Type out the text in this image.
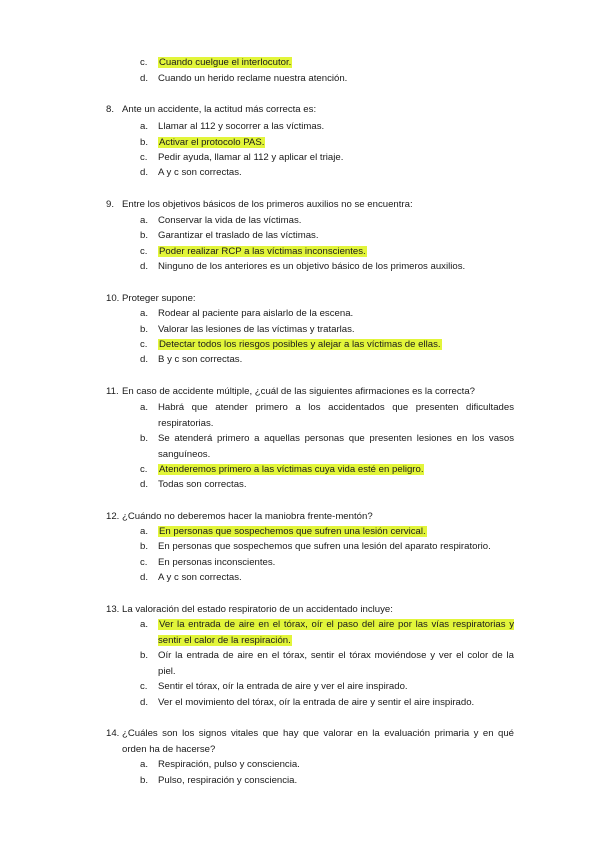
c. Cuando cuelgue el interlocutor.
d. Cuando un herido reclame nuestra atención.
8. Ante un accidente, la actitud más correcta es:
a. Llamar al 112 y socorrer a las víctimas.
b. Activar el protocolo PAS.
c. Pedir ayuda, llamar al 112 y aplicar el triaje.
d. A y c son correctas.
9. Entre los objetivos básicos de los primeros auxilios no se encuentra:
a. Conservar la vida de las víctimas.
b. Garantizar el traslado de las víctimas.
c. Poder realizar RCP a las víctimas inconscientes.
d. Ninguno de los anteriores es un objetivo básico de los primeros auxilios.
10. Proteger supone:
a. Rodear al paciente para aislarlo de la escena.
b. Valorar las lesiones de las víctimas y tratarlas.
c. Detectar todos los riesgos posibles y alejar a las víctimas de ellas.
d. B y c son correctas.
11. En caso de accidente múltiple, ¿cuál de las siguientes afirmaciones es la correcta?
a. Habrá que atender primero a los accidentados que presenten dificultades respiratorias.
b. Se atenderá primero a aquellas personas que presenten lesiones en los vasos sanguíneos.
c. Atenderemos primero a las víctimas cuya vida esté en peligro.
d. Todas son correctas.
12. ¿Cuándo no deberemos hacer la maniobra frente-mentón?
a. En personas que sospechemos que sufren una lesión cervical.
b. En personas que sospechemos que sufren una lesión del aparato respiratorio.
c. En personas inconscientes.
d. A y c son correctas.
13. La valoración del estado respiratorio de un accidentado incluye:
a. Ver la entrada de aire en el tórax, oír el paso del aire por las vías respiratorias y sentir el calor de la respiración.
b. Oír la entrada de aire en el tórax, sentir el tórax moviéndose y ver el color de la piel.
c. Sentir el tórax, oír la entrada de aire y ver el aire inspirado.
d. Ver el movimiento del tórax, oír la entrada de aire y sentir el aire inspirado.
14. ¿Cuáles son los signos vitales que hay que valorar en la evaluación primaria y en qué orden ha de hacerse?
a. Respiración, pulso y consciencia.
b. Pulso, respiración y consciencia.
